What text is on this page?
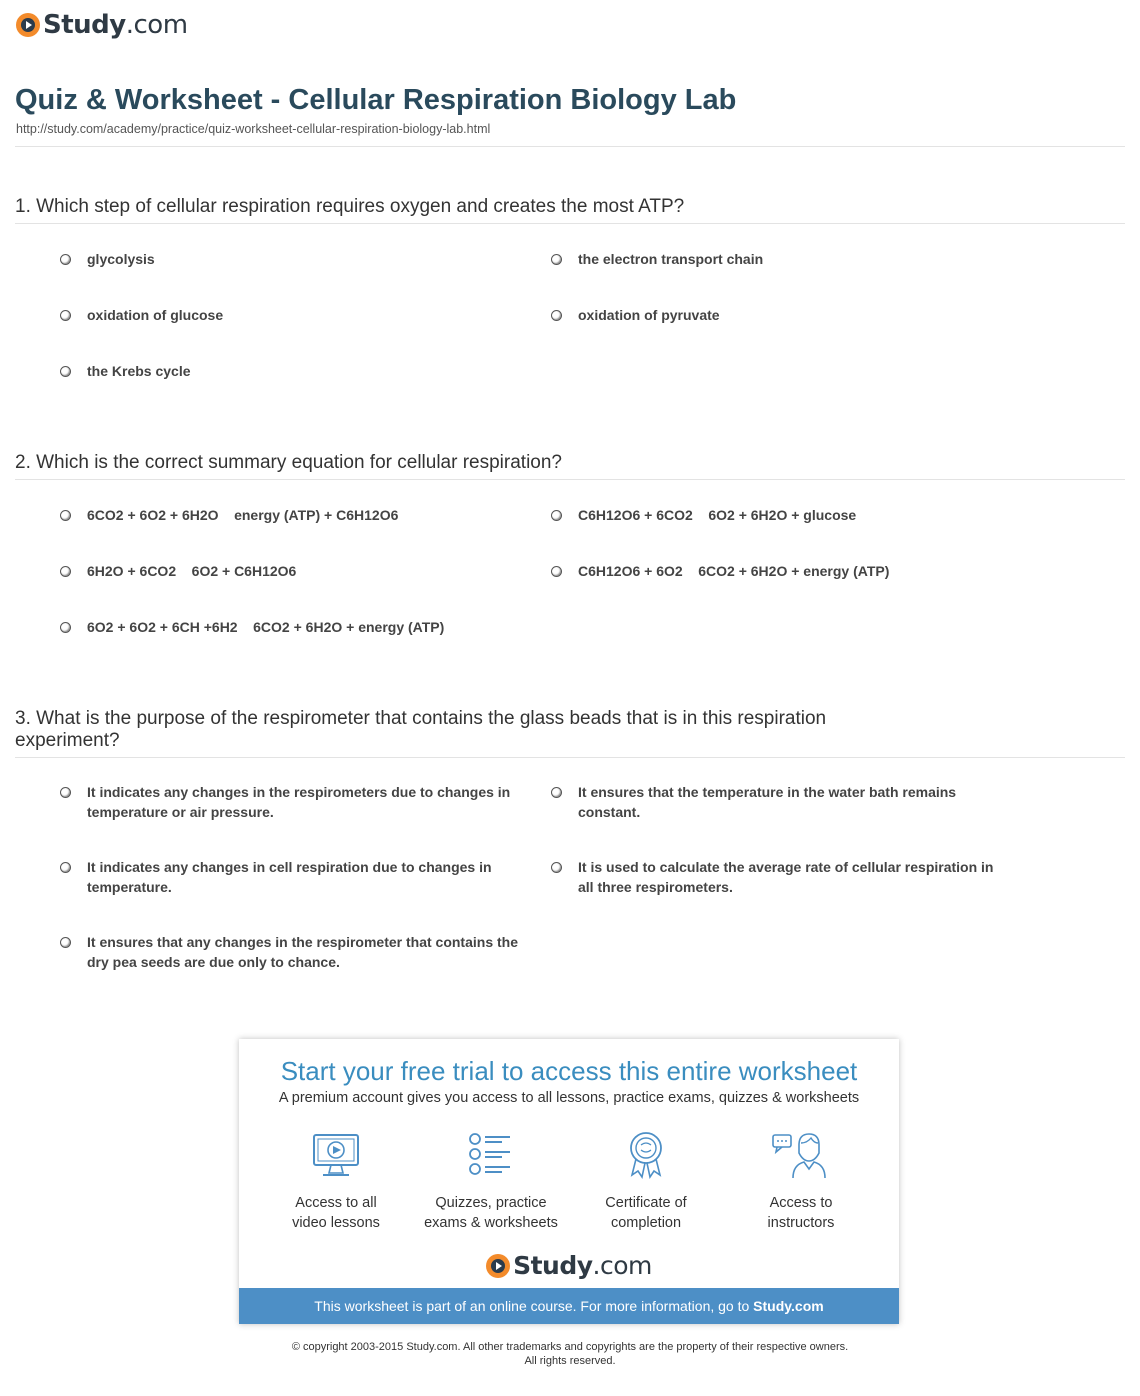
Study.com
Quiz & Worksheet - Cellular Respiration Biology Lab
http://study.com/academy/practice/quiz-worksheet-cellular-respiration-biology-lab.html
1. Which step of cellular respiration requires oxygen and creates the most ATP?
glycolysis	the electron transport chain
oxidation of glucose	oxidation of pyruvate
the Krebs cycle
2. Which is the correct summary equation for cellular respiration?
6CO2 + 6O2 + 6H2O    energy (ATP) + C6H12O6	C6H12O6 + 6CO2    6O2 + 6H2O + glucose
6H2O + 6CO2    6O2 + C6H12O6	C6H12O6 + 6O2    6CO2 + 6H2O + energy (ATP)
6O2 + 6O2 + 6CH +6H2    6CO2 + 6H2O + energy (ATP)
3. What is the purpose of the respirometer that contains the glass beads that is in this respiration experiment?
It indicates any changes in the respirometers due to changes in temperature or air pressure.
It ensures that the temperature in the water bath remains constant.
It indicates any changes in cell respiration due to changes in temperature.
It is used to calculate the average rate of cellular respiration in all three respirometers.
It ensures that any changes in the respirometer that contains the dry pea seeds are due only to chance.
Start your free trial to access this entire worksheet
A premium account gives you access to all lessons, practice exams, quizzes & worksheets
Access to all
video lessons
Quizzes, practice
exams & worksheets
Certificate of
completion
Access to
instructors
Study.com
This worksheet is part of an online course. For more information, go to Study.com
© copyright 2003-2015 Study.com. All other trademarks and copyrights are the property of their respective owners.
All rights reserved.
